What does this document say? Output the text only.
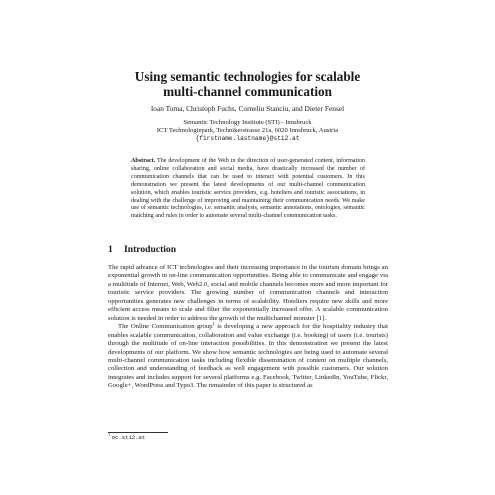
Using semantic technologies for scalable
multi-channel communication
Ioan Toma, Christoph Fuchs, Corneliu Stanciu, and Dieter Fensel
Semantic Technology Institute (STI) - Innsbruck
ICT Technologiepark, Technikerstrasse 21a, 6020 Innsbruck, Austria
{firstname.lastname}@sti2.at
Abstract. The development of the Web in the direction of user-generated content, information sharing, online collaboration and social media, have drastically increased the number of communication channels that can be used to interact with potential customers. In this demonstration we present the latest developments of our multi-channel communication solution, which enables touristic service providers, e.g. hoteliers and touristic associations, in dealing with the challenge of improving and maintaining their communication needs. We make use of semantic technologies, i.e. semantic analysis, semantic annotations, ontologies, semantic matching and rules in order to automate several multi-channel communication tasks.
1 Introduction

The rapid advance of ICT technologies and their increasing importance in the tourism domain brings an exponential growth in on-line communication opportunities. Being able to communicate and engage via a multitude of Internet, Web, Web2.0, social and mobile channels becomes more and more important for touristic service providers. The growing number of communication channels and interaction opportunities generates new challenges in terms of scalability. Hoteliers require new skills and more efficient access means to scale and filter the exponentially increased offer. A scalable communication solution is needed in order to address the growth of the multichannel monster [1].

The Online Communication group$^1$ is developing a new approach for the hospitality industry that enables scalable communication, collaboration and value exchange (i.e. booking) of users (i.e. tourists) through the multitude of on-line interaction possibilities. In this demonstration we present the latest developments of our platform. We show how semantic technologies are being used to automate several multi-channel communication tasks including flexible dissemination of content on multiple channels, collection and understanding of feedback as well engagement with possible customers. Our solution integrates and includes support for several platforms e.g. Facebook, Twitter, LinkedIn, YouTube, Flickr, Google+, WordPress and Typo3. The remainder of this paper is structured as

$^1$ oc.sti2.at
